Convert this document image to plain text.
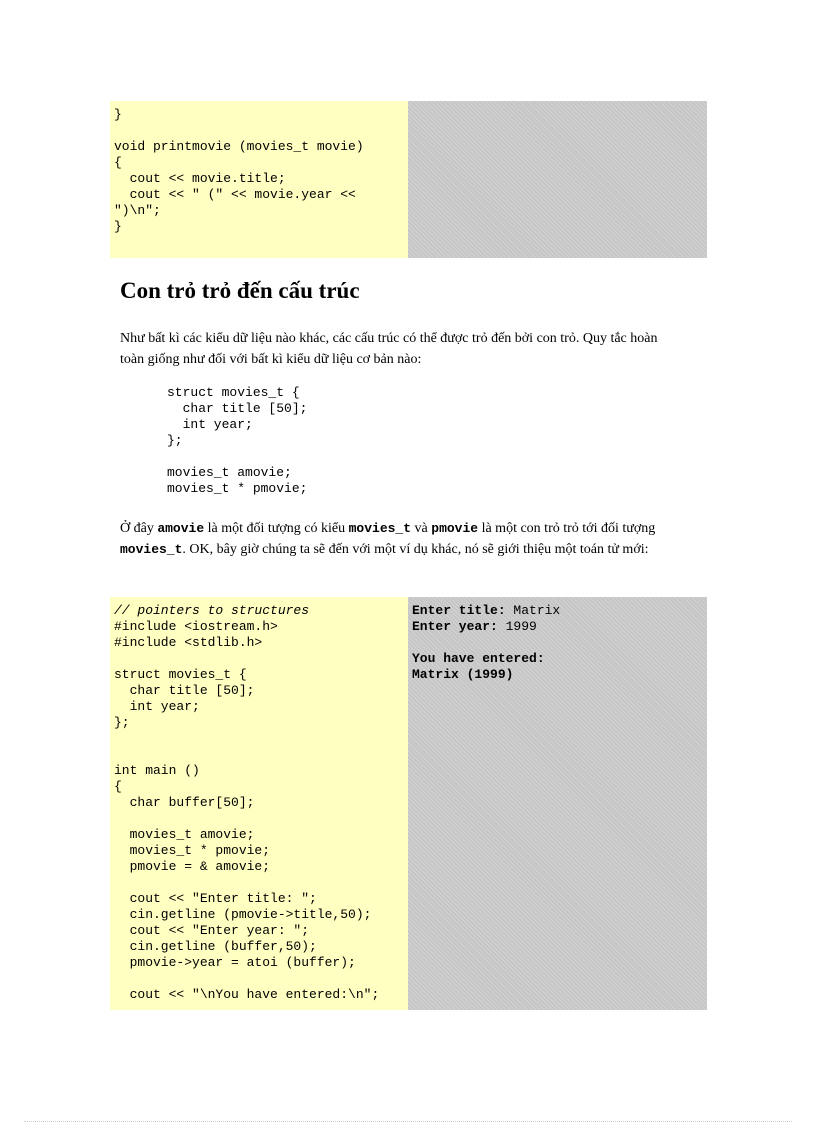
}
void printmovie (movies_t movie)
{
cout << movie.title;
cout << " (" << movie.year <<
")\n";
}
Con trỏ trỏ đến cấu trúc

Như bất kì các kiểu dữ liệu nào khác, các cấu trúc có thể được trỏ đến bởi con trỏ. Quy tắc hoàn toàn giống như đối với bất kì kiểu dữ liệu cơ bản nào:

struct movies_t {
char title [50];
int year;
};
movies_t amovie;
movies_t * pmovie;

Ở đây amovie là một đối tượng có kiểu movies_t và pmovie là một con trỏ trỏ tới đối tượng movies_t. OK, bây giờ chúng ta sẽ đến với một ví dụ khác, nó sẽ giới thiệu một toán tử mới:

// pointers to structures
#include <iostream.h>
#include <stdlib.h>
struct movies_t {
char title [50];
int year;
};
int main ()
{
char buffer[50];
movies_t amovie;
movies_t * pmovie;
pmovie = & amovie;
cout << "Enter title: ";
cin.getline (pmovie->title,50);
cout << "Enter year: ";
cin.getline (buffer,50);
pmovie->year = atoi (buffer);
cout << "\nYou have entered:\n";
Enter title: Matrix
Enter year: 1999
You have entered:
Matrix (1999)
